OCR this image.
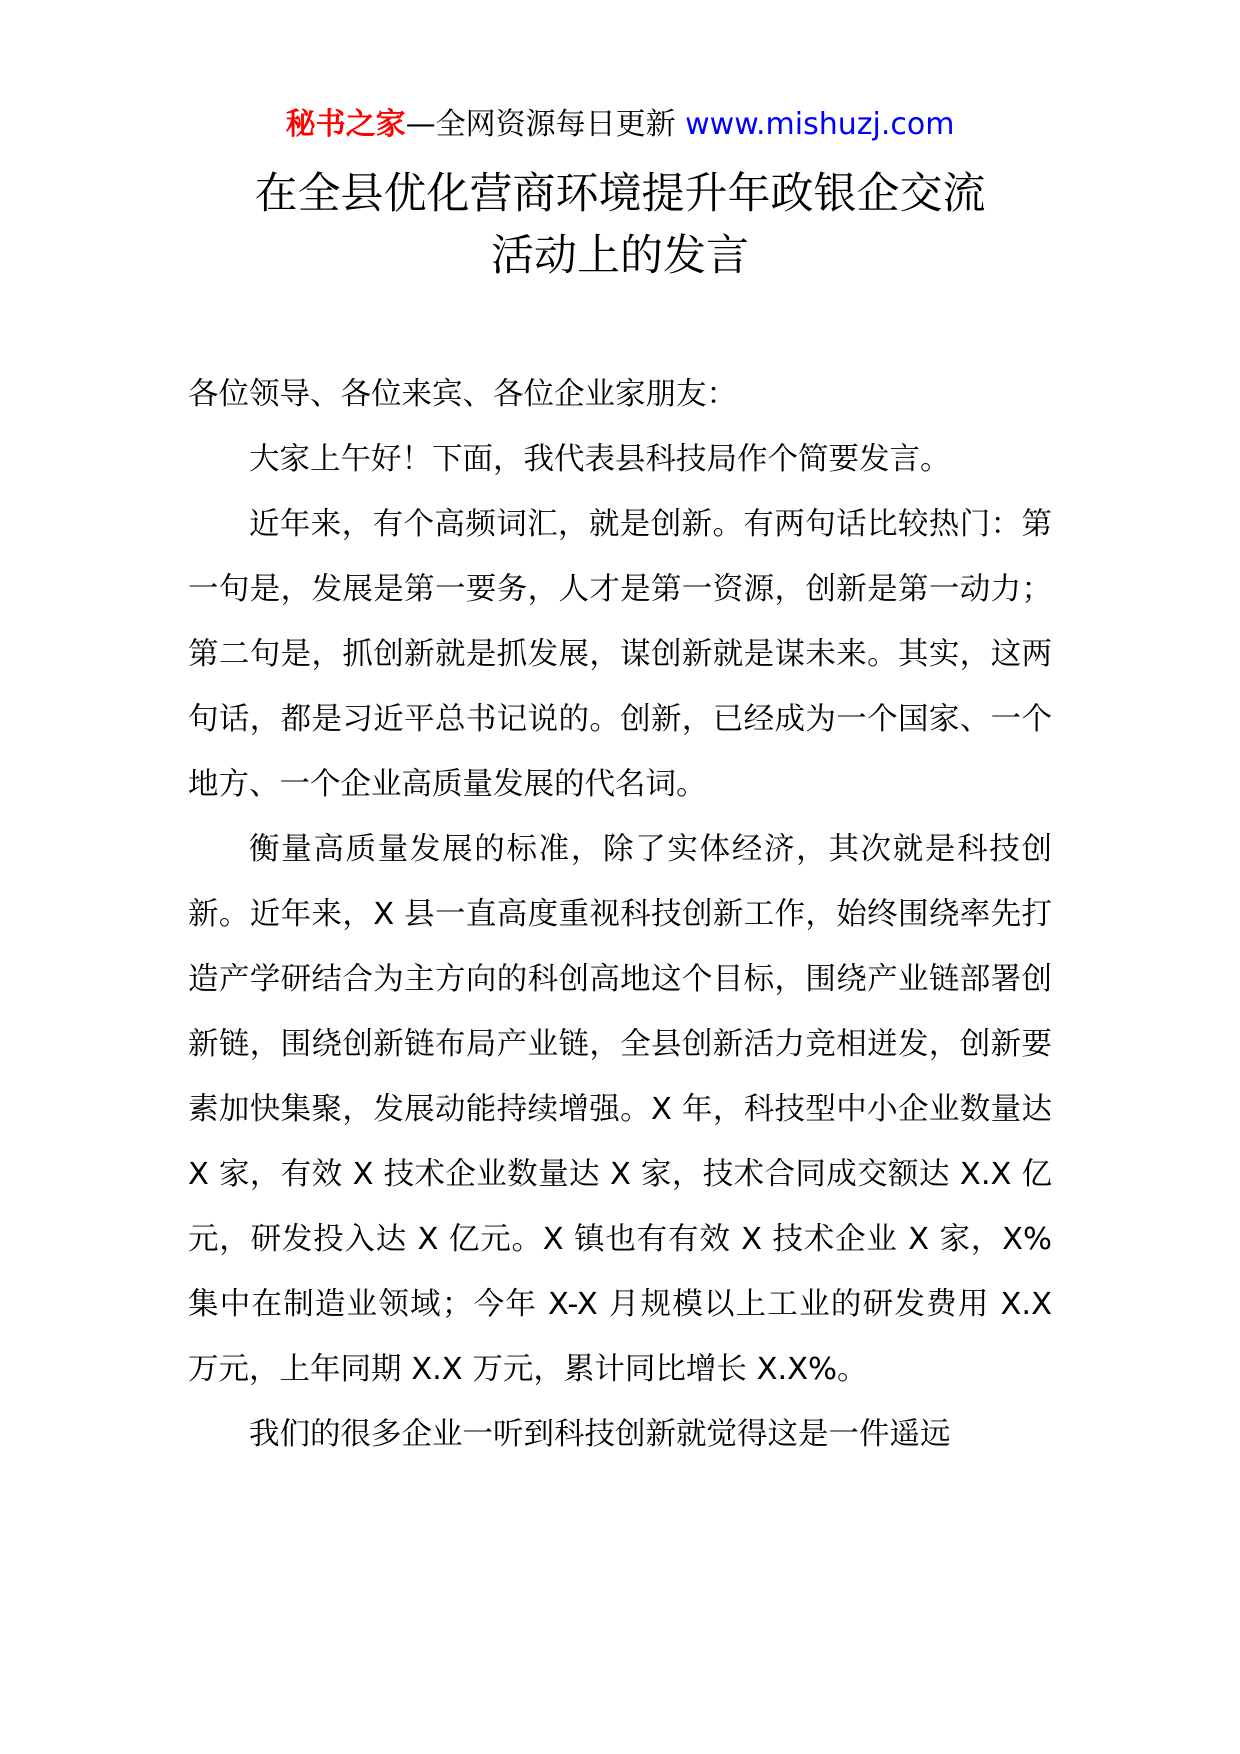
秘书之家—全网资源每日更新 www.mishuzj.com
在全县优化营商环境提升年政银企交流
活动上的发言

各位领导、各位来宾、各位企业家朋友：

大家上午好！下面，我代表县科技局作个简要发言。

近年来，有个高频词汇，就是创新。有两句话比较热门：第一句是，发展是第一要务，人才是第一资源，创新是第一动力；第二句是，抓创新就是抓发展，谋创新就是谋未来。其实，这两句话，都是习近平总书记说的。创新，已经成为一个国家、一个地方、一个企业高质量发展的代名词。

衡量高质量发展的标准，除了实体经济，其次就是科技创新。近年来，X 县一直高度重视科技创新工作，始终围绕率先打造产学研结合为主方向的科创高地这个目标，围绕产业链部署创新链，围绕创新链布局产业链，全县创新活力竞相迸发，创新要素加快集聚，发展动能持续增强。X 年，科技型中小企业数量达 X 家，有效 X 技术企业数量达 X 家，技术合同成交额达 X.X 亿元，研发投入达 X 亿元。X 镇也有有效 X 技术企业 X 家，X%集中在制造业领域；今年 X-X 月规模以上工业的研发费用 X.X 万元，上年同期 X.X 万元，累计同比增长 X.X%。

我们的很多企业一听到科技创新就觉得这是一件遥远
